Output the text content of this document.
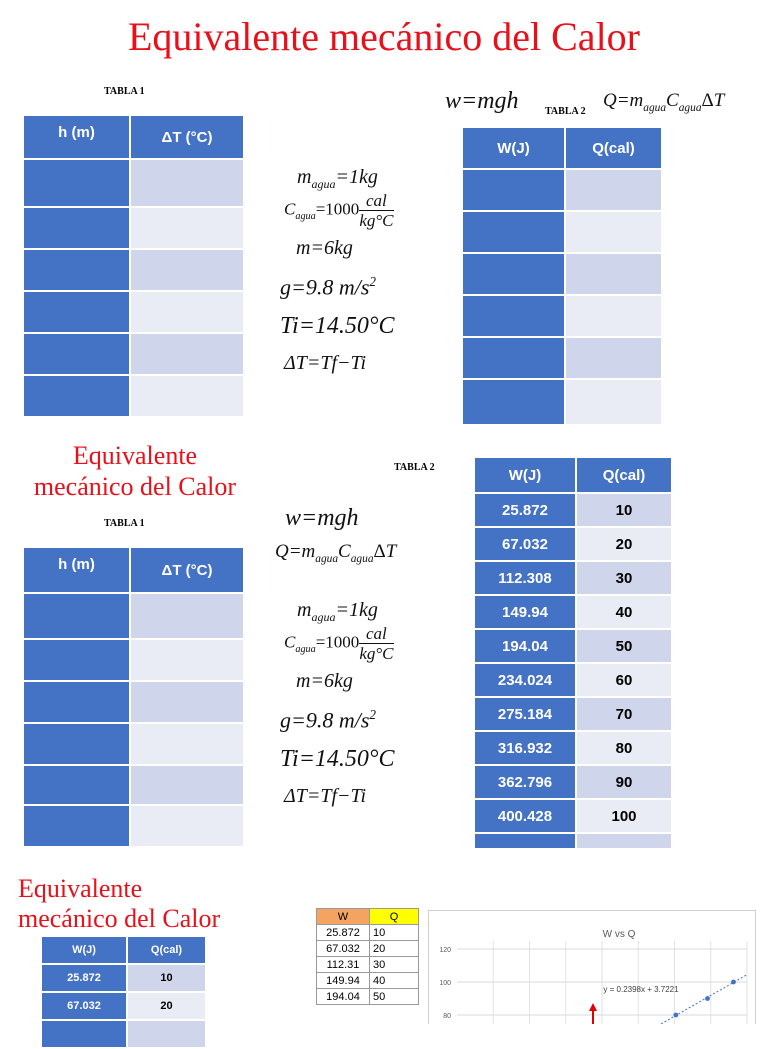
Equivalente mecánico del Calor
TABLA 1
h (m)	ΔT (°C)

w=mgh	TABLA 2
$Q=m_{agua}C_{agua}\Delta T$
$m_{agua}=1kg$
$C_{agua}=1000 \frac{\text{cal}}{kg^\circ C}$
m=6kg
g=9.8 $m/s^2$
Ti=14.50°C
ΔT=Tf−Ti
W(J)	Q(cal)

Equivalente
mecánico del Calor
TABLA 1
TABLA 2
h (m)	ΔT (°C)

w=mgh
$Q=m_{agua}C_{agua}\Delta T$
$m_{agua}=1kg$
$C_{agua}=1000 \frac{\text{cal}}{kg^\circ C}$
m=6kg
g=9.8 $m/s^2$
Ti=14.50°C
ΔT=Tf−Ti
W(J)	Q(cal)
25.872	10
67.032	20
112.308	30
149.94	40
194.04	50
234.024	60
275.184	70
316.932	80
362.796	90
400.428	100

Equivalente
mecánico del Calor
W(J)	Q(cal)
25.872	10
67.032	20

W	Q
25.872	10
67.032	20
112.31	30
149.94	40
194.04	50
80
100
120
W vs Q
y = 0.2398x + 3.7221
